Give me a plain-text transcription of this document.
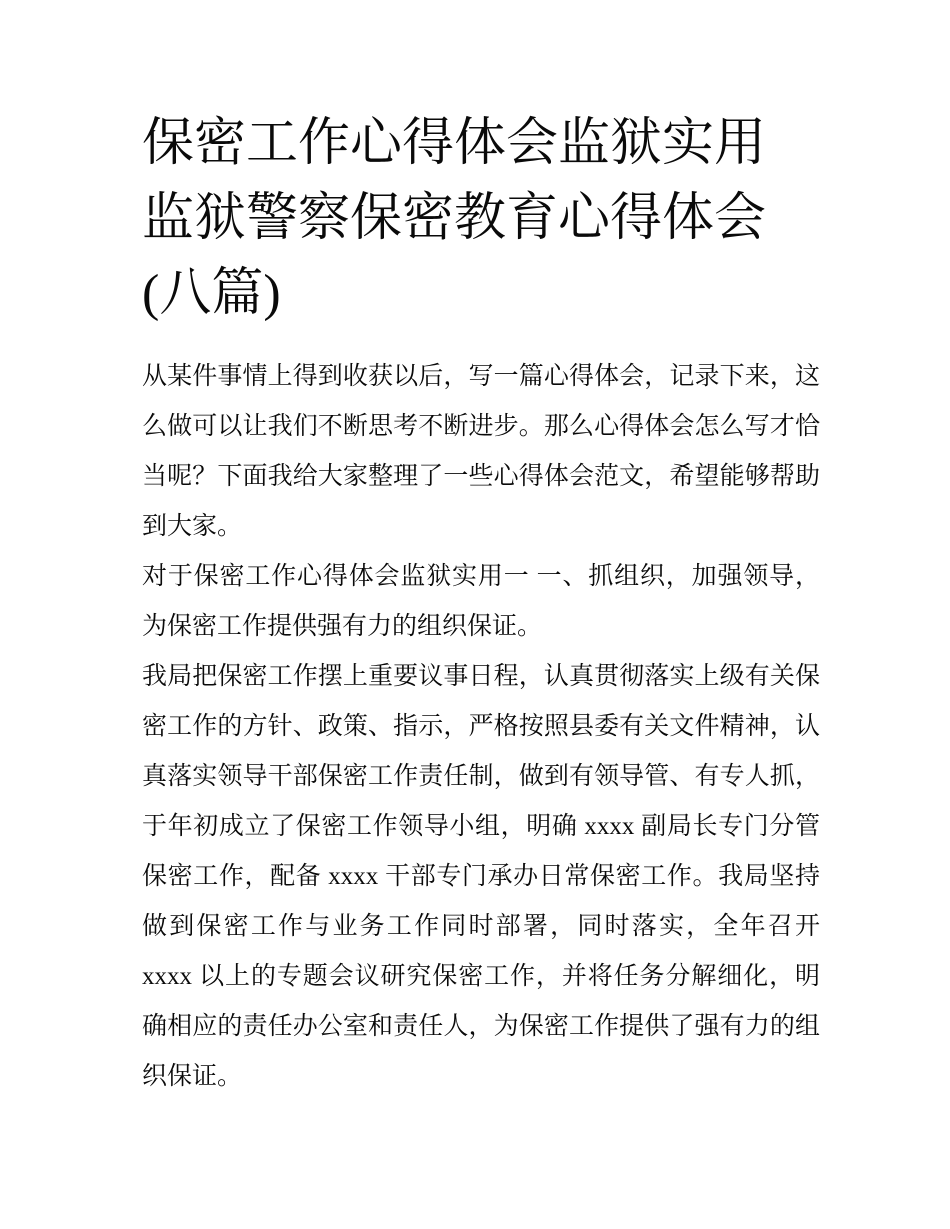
保密工作心得体会监狱实用 监狱警察保密教育心得体会(八篇)

从某件事情上得到收获以后，写一篇心得体会，记录下来，这么做可以让我们不断思考不断进步。那么心得体会怎么写才恰当呢？下面我给大家整理了一些心得体会范文，希望能够帮助到大家。

对于保密工作心得体会监狱实用一 一、抓组织，加强领导，为保密工作提供强有力的组织保证。

我局把保密工作摆上重要议事日程，认真贯彻落实上级有关保密工作的方针、政策、指示，严格按照县委有关文件精神，认真落实领导干部保密工作责任制，做到有领导管、有专人抓，于年初成立了保密工作领导小组，明确 xxxx 副局长专门分管保密工作，配备 xxxx 干部专门承办日常保密工作。我局坚持做到保密工作与业务工作同时部署，同时落实，全年召开 xxxx 以上的专题会议研究保密工作，并将任务分解细化，明确相应的责任办公室和责任人，为保密工作提供了强有力的组织保证。
